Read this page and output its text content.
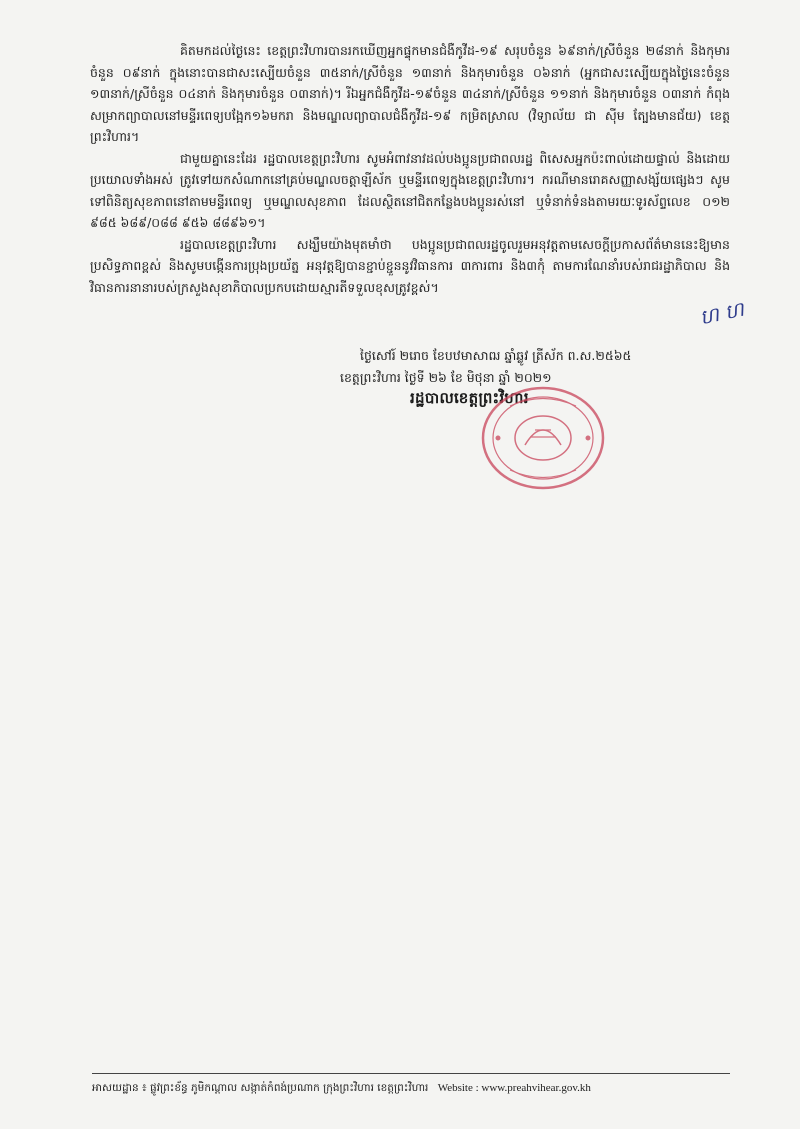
គិតមកដល់ថ្ងៃនេះ ខេត្តព្រះវិហារបានរកឃើញអ្នកផ្ទុកមានជំងឺកូវីដ-១៩ សរុបចំនួន ៦៩នាក់/ស្រីចំនួន ២៨នាក់ និងកុមារចំនួន ០៩នាក់ ក្នុងនោះបានជាសះស្បើយចំនួន ៣៥នាក់/ស្រីចំនួន ១៣នាក់ និងកុមារចំនួន ០៦នាក់ (អ្នកជាសះស្បើយក្នុងថ្ងៃនេះចំនួន ១៣នាក់/ស្រីចំនួន ០៤នាក់ និងកុមារចំនួន ០៣នាក់)។ រីឯអ្នកជំងឺកូវីដ-១៩ចំនួន ៣៤នាក់/ស្រីចំនួន ១១នាក់ និងកុមារចំនួន ០៣នាក់ កំពុងសម្រាកព្យាបាលនៅមន្ទីរពេទ្យបង្អែក១៦មករា និងមណ្ឌលព្យាបាលជំងឺកូវីដ-១៩ កម្រិតស្រាល (វិទ្យាល័យ ជា ស៊ីម ត្បែងមានជ័យ) ខេត្តព្រះវិហារ។

ជាមួយគ្នានេះដែរ រដ្ឋបាលខេត្តព្រះវិហារ សូមអំពាវនាវដល់បងប្អូនប្រជាពលរដ្ឋ ពិសេសអ្នកប៉ះពាល់ដោយផ្ទាល់ និងដោយប្រយោលទាំងអស់ ត្រូវទៅយកសំណាកនៅគ្រប់មណ្ឌលចត្តាឡីស័ក ឬមន្ទីរពេទ្យក្នុងខេត្តព្រះវិហារ។ ករណីមានរោគសញ្ញាសង្ស័យផ្សេងៗ សូមទៅពិនិត្យសុខភាពនៅតាមមន្ទីរពេទ្យ ឬមណ្ឌលសុខភាព ដែលស្ថិតនៅជិតកន្លែងបងប្អូនរស់នៅ ឬទំនាក់ទំនងតាមរយៈទូរស័ព្ទលេខ ០១២ ៩៨៥ ៦៨៩/០៨៨ ៩៥៦ ៨៨៩៦១។

រដ្ឋបាលខេត្តព្រះវិហារ សង្ឃឹមយ៉ាងមុតមាំថា បងប្អូនប្រជាពលរដ្ឋចូលរួមអនុវត្តតាមសេចក្តីប្រកាសព័ត៌មាននេះឱ្យមានប្រសិទ្ធភាពខ្ពស់ និងសូមបង្កើនការប្រុងប្រយ័ត្ន អនុវត្តឱ្យបានខ្ជាប់ខ្ជួននូវវិធានការ ៣ការពារ និង៣កុំ តាមការណែនាំរបស់រាជរដ្ឋាភិបាល និងវិធានការនានារបស់ក្រសួងសុខាភិបាលប្រកបដោយស្មារតីទទួលខុសត្រូវខ្ពស់។

ហ ហ
ថ្ងៃសៅរ៍ ២រោច ខែបឋមាសាឍ ឆ្នាំឆ្លូវ ត្រីស័ក ព.ស.២៥៦៥
ខេត្តព្រះវិហារ ថ្ងៃទី ២៦ ខែ មិថុនា ឆ្នាំ ២០២១
រដ្ឋបាលខេត្តព្រះវិហារ
អាសយដ្ឋាន ៖ ផ្លូវព្រះខ័ន្ធ ភូមិកណ្តាល សង្កាត់កំពង់ប្រណាក ក្រុងព្រះវិហារ ខេត្តព្រះវិហារ Website : www.preahvihear.gov.kh
